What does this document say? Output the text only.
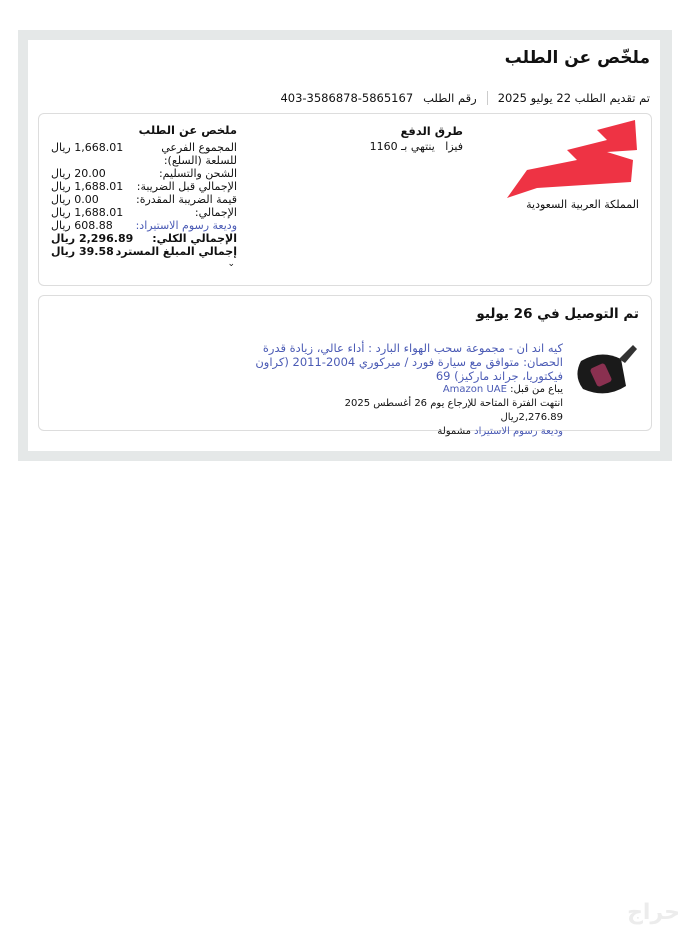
ملخّص عن الطلب
تم تقديم الطلب 22 يوليو 2025
رقم الطلب
403-3586878-5865167
المملكة العربية السعودية
طرق الدفع
فيزا   ينتهي بـ 1160
ملخص عن الطلب
المجموع الفرعي للسلعة (السلع):
1,668.01 ريال
الشحن والتسليم:
20.00 ريال
الإجمالي قبل الضريبة:
1,688.01 ريال
قيمة الضريبة المقدرة:
0.00 ريال
الإجمالي:
1,688.01 ريال
وديعة رسوم الاستيراد:
608.88 ريال
الإجمالي الكلي:
2,296.89 ريال
إجمالي المبلغ المسترد
39.58 ريال
⌄
تم التوصيل في 26 يوليو
كيه اند ان - مجموعة سحب الهواء البارد : أداء عالي، زيادة قدرة الحصان: متوافق مع سيارة فورد / ميركوري 2004-2011 (كراون فيكتوريا، جراند ماركيز) 69
يباع من قبل: Amazon UAE
انتهت الفترة المتاحة للإرجاع يوم 26 أغسطس 2025
2,276.89ريال
وديعة رسوم الاستيراد مشمولة
حراج
